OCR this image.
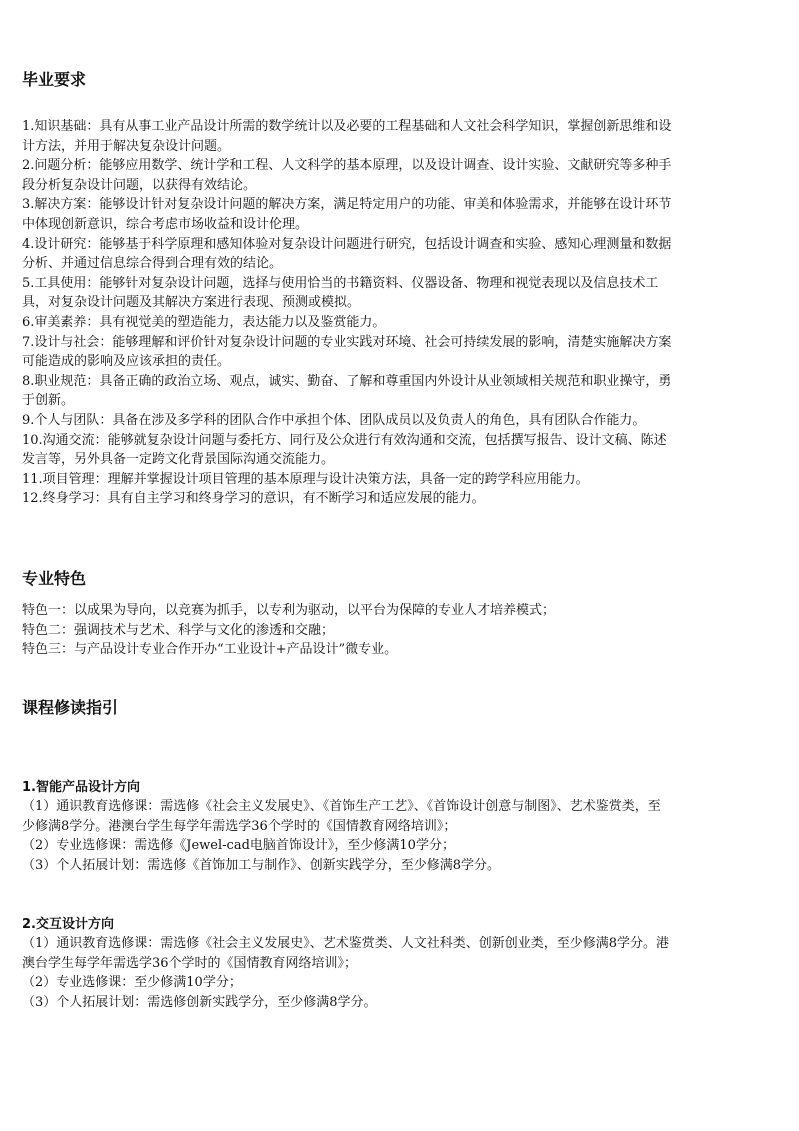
毕业要求

1.知识基础：具有从事工业产品设计所需的数学统计以及必要的工程基础和人文社会科学知识，掌握创新思维和设计方法，并用于解决复杂设计问题。

2.问题分析：能够应用数学、统计学和工程、人文科学的基本原理，以及设计调查、设计实验、文献研究等多种手段分析复杂设计问题，以获得有效结论。

3.解决方案：能够设计针对复杂设计问题的解决方案，满足特定用户的功能、审美和体验需求，并能够在设计环节中体现创新意识，综合考虑市场收益和设计伦理。

4.设计研究：能够基于科学原理和感知体验对复杂设计问题进行研究，包括设计调查和实验、感知心理测量和数据分析、并通过信息综合得到合理有效的结论。

5.工具使用：能够针对复杂设计问题，选择与使用恰当的书籍资料、仪器设备、物理和视觉表现以及信息技术工具，对复杂设计问题及其解决方案进行表现、预测或模拟。

6.审美素养：具有视觉美的塑造能力，表达能力以及鉴赏能力。

7.设计与社会：能够理解和评价针对复杂设计问题的专业实践对环境、社会可持续发展的影响，清楚实施解决方案可能造成的影响及应该承担的责任。

8.职业规范：具备正确的政治立场、观点，诚实、勤奋、了解和尊重国内外设计从业领域相关规范和职业操守，勇于创新。

9.个人与团队：具备在涉及多学科的团队合作中承担个体、团队成员以及负责人的角色，具有团队合作能力。

10.沟通交流：能够就复杂设计问题与委托方、同行及公众进行有效沟通和交流，包括撰写报告、设计文稿、陈述发言等，另外具备一定跨文化背景国际沟通交流能力。

11.项目管理：理解并掌握设计项目管理的基本原理与设计决策方法，具备一定的跨学科应用能力。

12.终身学习：具有自主学习和终身学习的意识，有不断学习和适应发展的能力。

专业特色

特色一：以成果为导向，以竞赛为抓手，以专利为驱动，以平台为保障的专业人才培养模式；

特色二：强调技术与艺术、科学与文化的渗透和交融；

特色三：与产品设计专业合作开办“工业设计+产品设计”微专业。

课程修读指引
1.智能产品设计方向

（1）通识教育选修课：需选修《社会主义发展史》、《首饰生产工艺》、《首饰设计创意与制图》、艺术鉴赏类，至少修满8学分。港澳台学生每学年需选学36个学时的《国情教育网络培训》；

（2）专业选修课：需选修《Jewel-cad电脑首饰设计》，至少修满10学分；

（3）个人拓展计划：需选修《首饰加工与制作》、创新实践学分，至少修满8学分。

2.交互设计方向

（1）通识教育选修课：需选修《社会主义发展史》、艺术鉴赏类、人文社科类、创新创业类，至少修满8学分。港澳台学生每学年需选学36个学时的《国情教育网络培训》；

（2）专业选修课：至少修满10学分；

（3）个人拓展计划：需选修创新实践学分，至少修满8学分。
